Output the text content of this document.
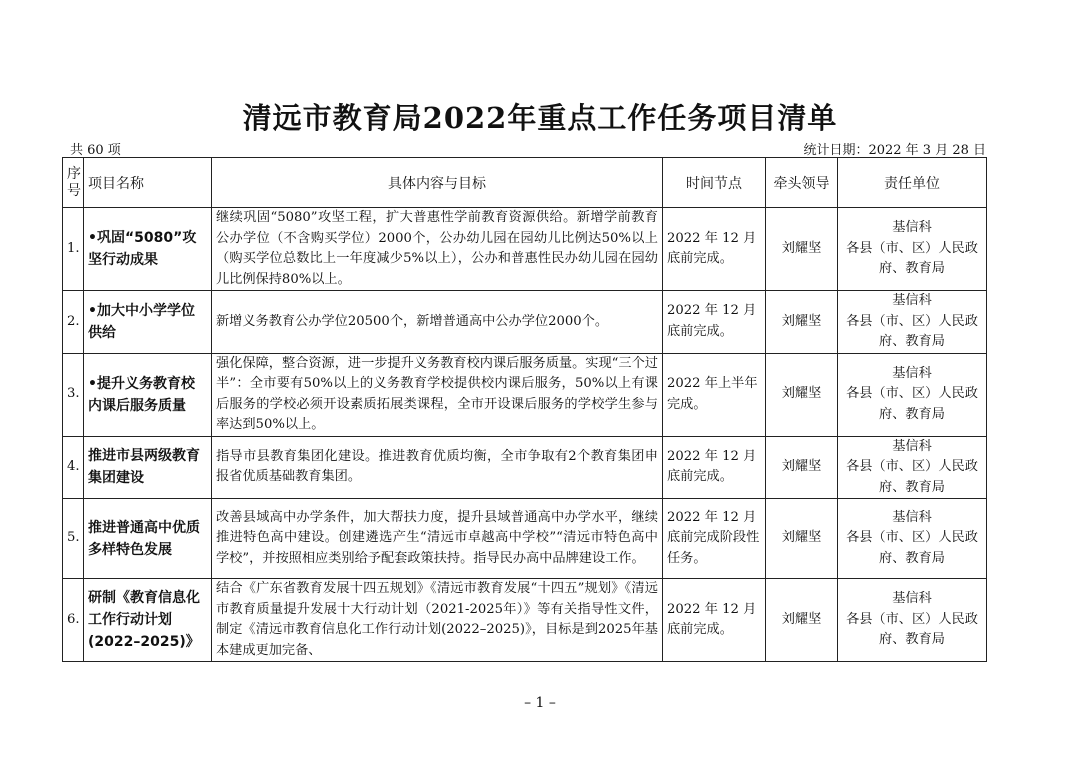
清远市教育局2022年重点工作任务项目清单
共 60 项	统计日期：2022 年 3 月 28 日
序号	项目名称	具体内容与目标	时间节点	牵头领导	责任单位
1.	•巩固“5080”攻坚行动成果	继续巩固“5080”攻坚工程，扩大普惠性学前教育资源供给。新增学前教育公办学位（不含购买学位）2000个，公办幼儿园在园幼儿比例达50%以上（购买学位总数比上一年度减少5%以上），公办和普惠性民办幼儿园在园幼儿比例保持80%以上。	2022 年 12 月底前完成。	刘耀坚	基信科
各县（市、区）人民政府、教育局

2.	•加大中小学学位供给	新增义务教育公办学位20500个，新增普通高中公办学位2000个。	2022 年 12 月底前完成。	刘耀坚	基信科
各县（市、区）人民政府、教育局

3.	•提升义务教育校内课后服务质量	强化保障，整合资源，进一步提升义务教育校内课后服务质量。实现“三个过半”：全市要有50%以上的义务教育学校提供校内课后服务，50%以上有课后服务的学校必须开设素质拓展类课程，全市开设课后服务的学校学生参与率达到50%以上。	2022 年上半年完成。	刘耀坚	基信科
各县（市、区）人民政府、教育局

4.	推进市县两级教育集团建设	指导市县教育集团化建设。推进教育优质均衡，全市争取有2个教育集团申报省优质基础教育集团。	2022 年 12 月底前完成。	刘耀坚	基信科
各县（市、区）人民政府、教育局

5.	推进普通高中优质多样特色发展	改善县域高中办学条件，加大帮扶力度，提升县域普通高中办学水平，继续推进特色高中建设。创建遴选产生“清远市卓越高中学校”“清远市特色高中学校”，并按照相应类别给予配套政策扶持。指导民办高中品牌建设工作。	2022 年 12 月底前完成阶段性任务。	刘耀坚	基信科
各县（市、区）人民政府、教育局

6.	研制《教育信息化工作行动计划(2022–2025)》	结合《广东省教育发展十四五规划》《清远市教育发展“十四五”规划》《清远市教育质量提升发展十大行动计划（2021-2025年）》等有关指导性文件，制定《清远市教育信息化工作行动计划(2022–2025)》，目标是到2025年基本建成更加完备、	2022 年 12 月底前完成。	刘耀坚	基信科
各县（市、区）人民政府、教育局
– 1 –
